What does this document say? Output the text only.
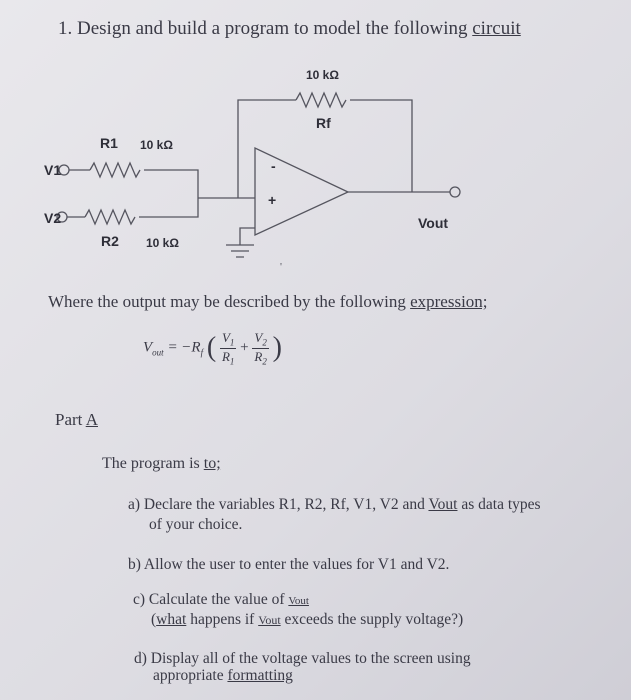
1. Design and build a program to model the following circuit
'
10 kΩ
Rf
R1 10 kΩ
V1
V2
R2 10 kΩ
Vout
-
+
Where the output may be described by the following expression;
$V_{out} = -R_f$ ( $\frac{V_1}{R_1} + \frac{V_2}{R_2}$ )
Part A
The program is to;
a) Declare the variables R1, R2, Rf, V1, V2 and Vout as data types
of your choice.
b) Allow the user to enter the values for V1 and V2.
c) Calculate the value of Vout
(what happens if Vout exceeds the supply voltage?)
d) Display all of the voltage values to the screen using
appropriate formatting
